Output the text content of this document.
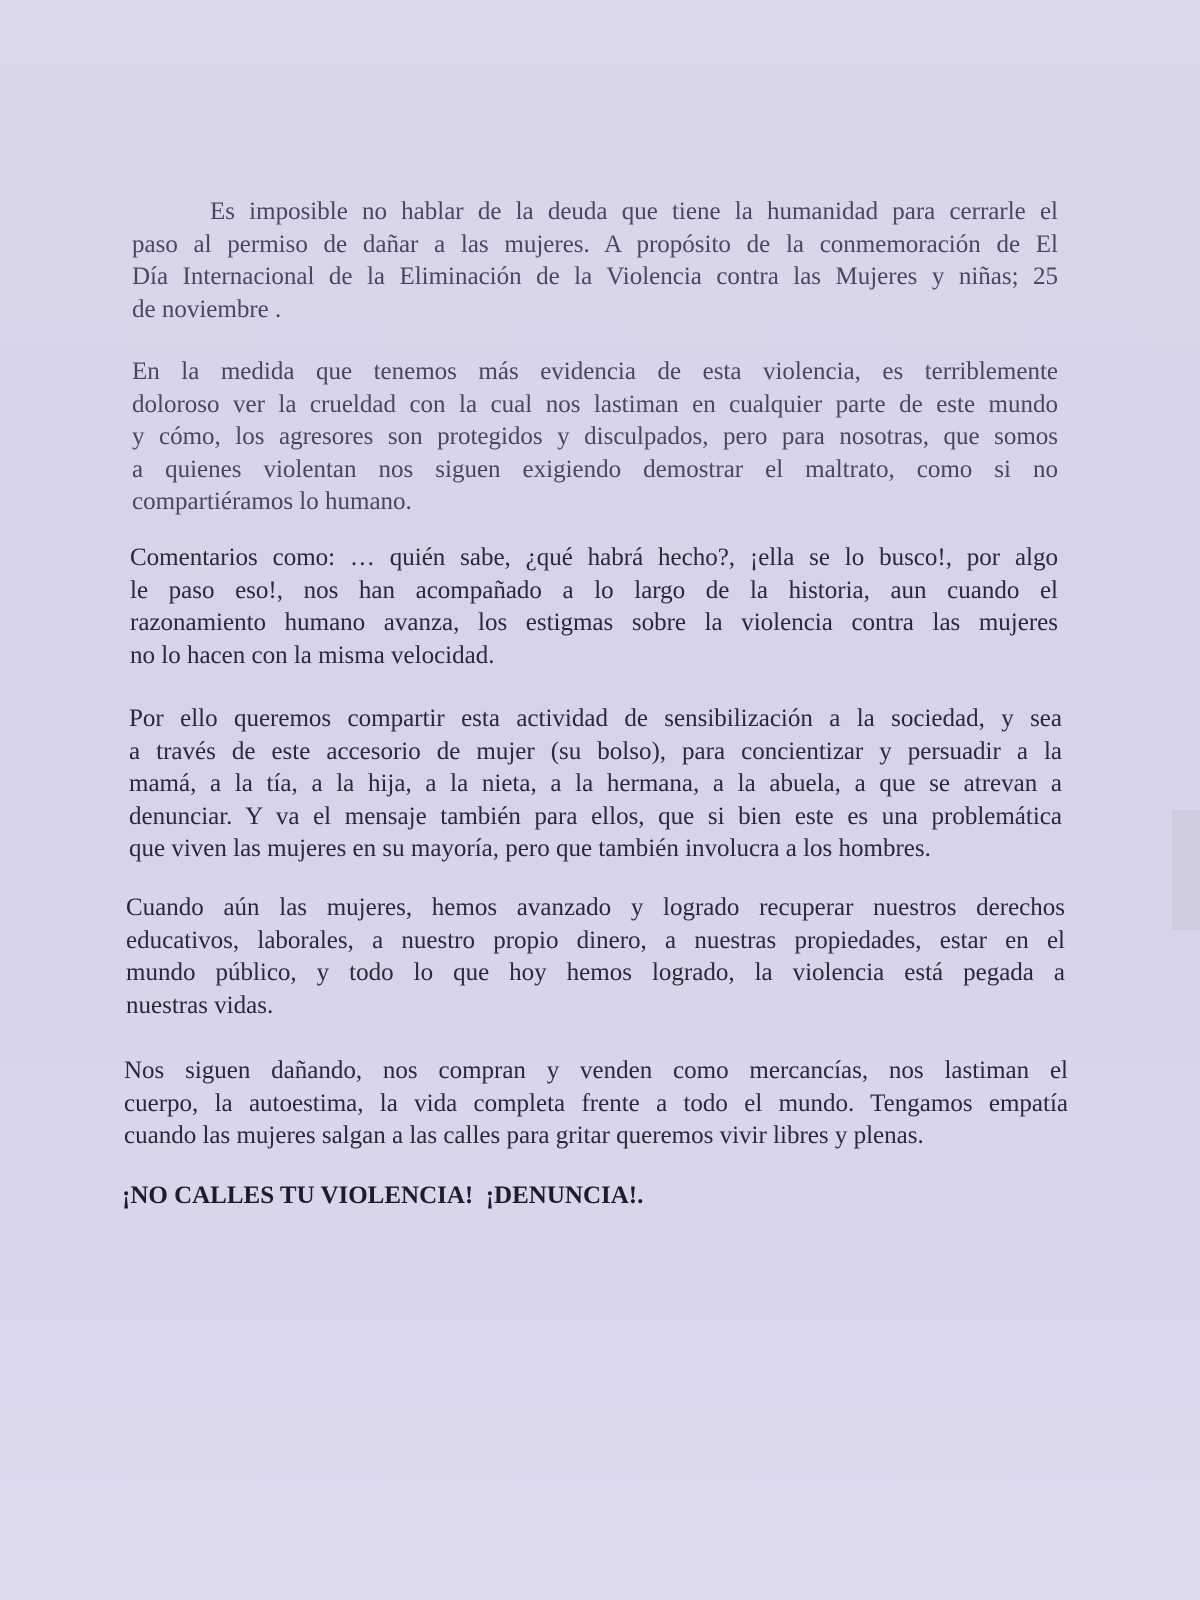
Es imposible no hablar de la deuda que tiene la humanidad para cerrarle el
paso al permiso de dañar a las mujeres. A propósito de la conmemoración de El
Día Internacional de la Eliminación de la Violencia contra las Mujeres y niñas; 25
de noviembre .
En la medida que tenemos más evidencia de esta violencia, es terriblemente
doloroso ver la crueldad con la cual nos lastiman en cualquier parte de este mundo
y cómo, los agresores son protegidos y disculpados, pero para nosotras, que somos
a quienes violentan nos siguen exigiendo demostrar el maltrato, como si no
compartiéramos lo humano.
Comentarios como: … quién sabe, ¿qué habrá hecho?, ¡ella se lo busco!, por algo
le paso eso!, nos han acompañado a lo largo de la historia, aun cuando el
razonamiento humano avanza, los estigmas sobre la violencia contra las mujeres
no lo hacen con la misma velocidad.
Por ello queremos compartir esta actividad de sensibilización a la sociedad, y sea
a través de este accesorio de mujer (su bolso), para concientizar y persuadir a la
mamá, a la tía, a la hija, a la nieta, a la hermana, a la abuela, a que se atrevan a
denunciar. Y va el mensaje también para ellos, que si bien este es una problemática
que viven las mujeres en su mayoría, pero que también involucra a los hombres.
Cuando aún las mujeres, hemos avanzado y logrado recuperar nuestros derechos
educativos, laborales, a nuestro propio dinero, a nuestras propiedades, estar en el
mundo público, y todo lo que hoy hemos logrado, la violencia está pegada a
nuestras vidas.
Nos siguen dañando, nos compran y venden como mercancías, nos lastiman el
cuerpo, la autoestima, la vida completa frente a todo el mundo. Tengamos empatía
cuando las mujeres salgan a las calles para gritar queremos vivir libres y plenas.
¡NO CALLES TU VIOLENCIA!  ¡DENUNCIA!.
